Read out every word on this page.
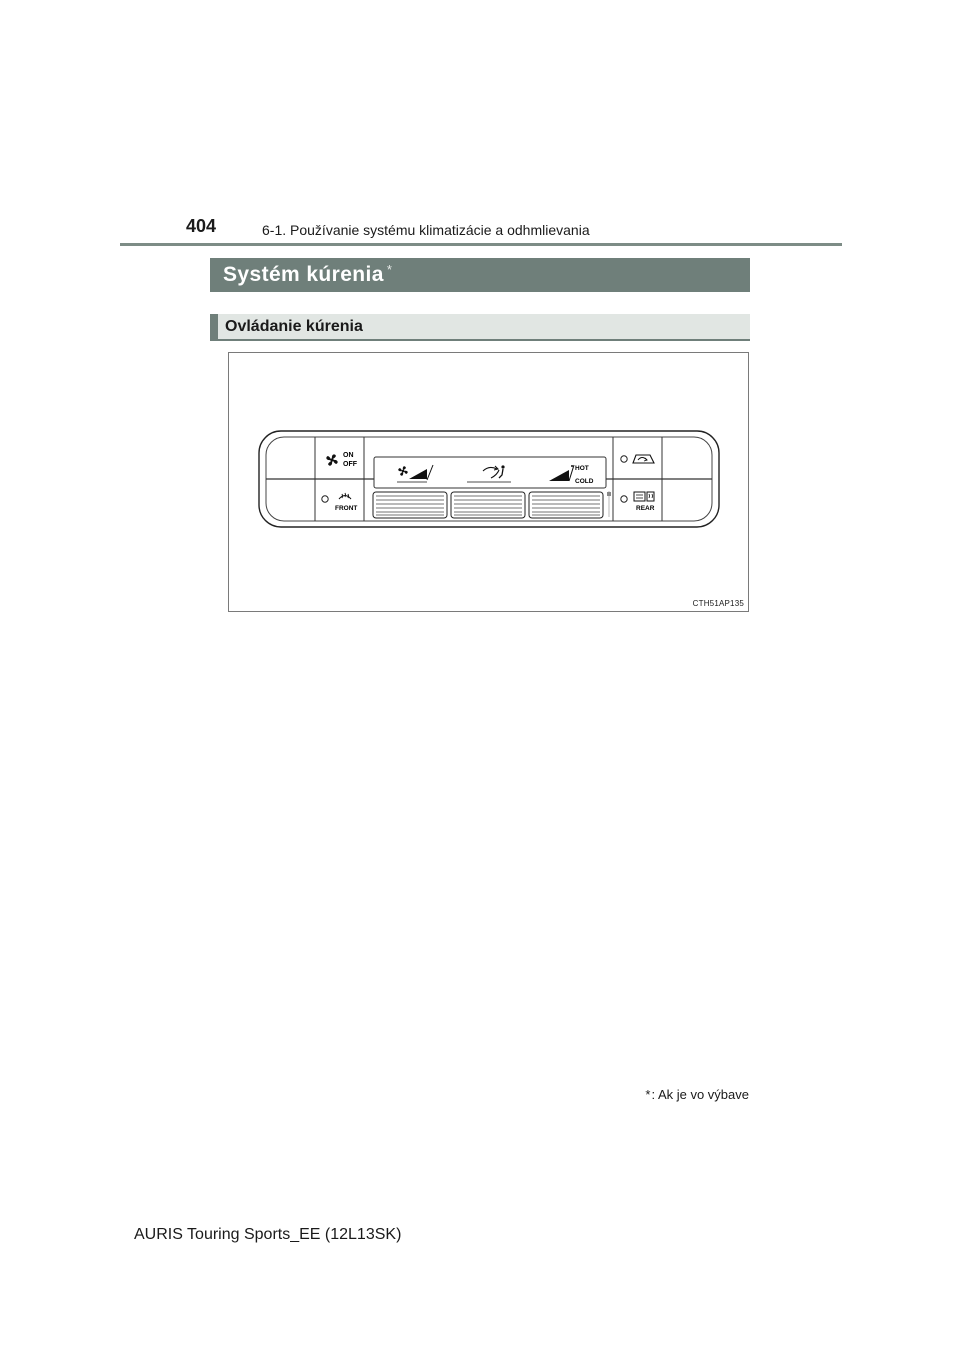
404	6-1. Používanie systému klimatizácie a odhmlievania
Systém kúrenia *
Ovládanie kúrenia
ON
OFF
FRONT
HOT
COLD
REAR
CTH51AP135
* : Ak je vo výbave
AURIS Touring Sports_EE (12L13SK)
